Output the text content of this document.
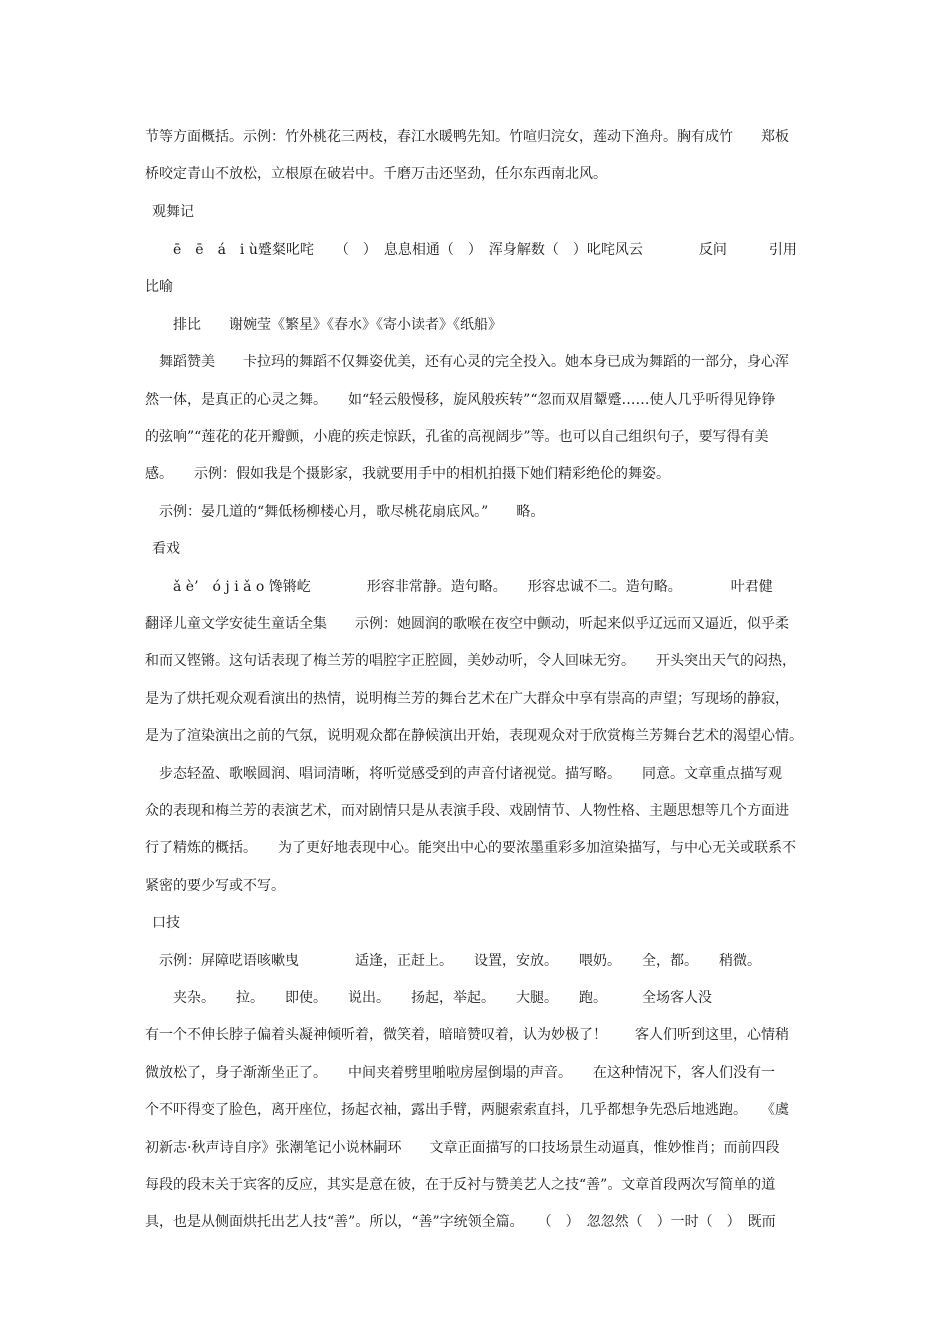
节等方面概括。示例：竹外桃花三两枝，春江水暖鸭先知。竹喧归浣女，莲动下渔舟。胸有成竹　　郑板
桥咬定青山不放松，立根原在破岩中。千磨万击还坚劲，任尔东西南北风。
观舞记
　　ē　ē　á　i ù蹙粲叱咤　　（　）　息息相通（　）　浑身解数（　）叱咤风云　　　　反问　　　引用
比喻
　　排比　　谢婉莹《繁星》《春水》《寄小读者》《纸船》
　舞蹈赞美　　卡拉玛的舞蹈不仅舞姿优美，还有心灵的完全投入。她本身已成为舞蹈的一部分，身心浑
然一体，是真正的心灵之舞。　　如“轻云般慢移，旋风般疾转”“忽而双眉颦蹙……使人几乎听得见铮铮
的弦响”“莲花的花开瓣颤，小鹿的疾走惊跃，孔雀的高视阔步”等。也可以自己组织句子，要写得有美
感。　　示例：假如我是个摄影家，我就要用手中的相机拍摄下她们精彩绝伦的舞姿。
　示例：晏几道的“舞低杨柳楼心月，歌尽桃花扇底风。”　　略。
看戏
　　ǎ è’　ó j i ǎ o 馋锵屹　　　　形容非常静。造句略。　　形容忠诚不二。造句略。　　　　叶君健
翻译儿童文学安徒生童话全集　　示例：她圆润的歌喉在夜空中颤动，听起来似乎辽远而又逼近，似乎柔
和而又铿锵。这句话表现了梅兰芳的唱腔字正腔圆，美妙动听，令人回味无穷。　　开头突出天气的闷热，
是为了烘托观众观看演出的热情，说明梅兰芳的舞台艺术在广大群众中享有崇高的声望；写现场的静寂，
是为了渲染演出之前的气氛，说明观众都在静候演出开始，表现观众对于欣赏梅兰芳舞台艺术的渴望心情。
　步态轻盈、歌喉圆润、唱词清晰，将听觉感受到的声音付诸视觉。描写略。　　同意。文章重点描写观
众的表现和梅兰芳的表演艺术，而对剧情只是从表演手段、戏剧情节、人物性格、主题思想等几个方面进
行了精炼的概括。　　为了更好地表现中心。能突出中心的要浓墨重彩多加渲染描写，与中心无关或联系不
紧密的要少写或不写。
口技
　示例：屏障呓语咳嗽曳　　　　适逢，正赶上。　　设置，安放。　　喂奶。　　全，都。　　稍微。
　　夹杂。　　拉。　　即使。　　说出。　　扬起，举起。　　大腿。　　跑。　　　全场客人没
有一个不伸长脖子偏着头凝神倾听着，微笑着，暗暗赞叹着，认为妙极了！　　客人们听到这里，心情稍
微放松了，身子渐渐坐正了。　　中间夹着劈里啪啦房屋倒塌的声音。　　在这种情况下，客人们没有一
个不吓得变了脸色，离开座位，扬起衣袖，露出手臂，两腿索索直抖，几乎都想争先恐后地逃跑。　　《虞
初新志·秋声诗自序》张潮笔记小说林嗣环　　文章正面描写的口技场景生动逼真，惟妙惟肖；而前四段
每段的段末关于宾客的反应，其实是意在彼，在于反衬与赞美艺人之技“善”。文章首段两次写简单的道
具，也是从侧面烘托出艺人技“善”。所以，“善”字统领全篇。　　（　）　忽忽然（　）一时（　）　既而
